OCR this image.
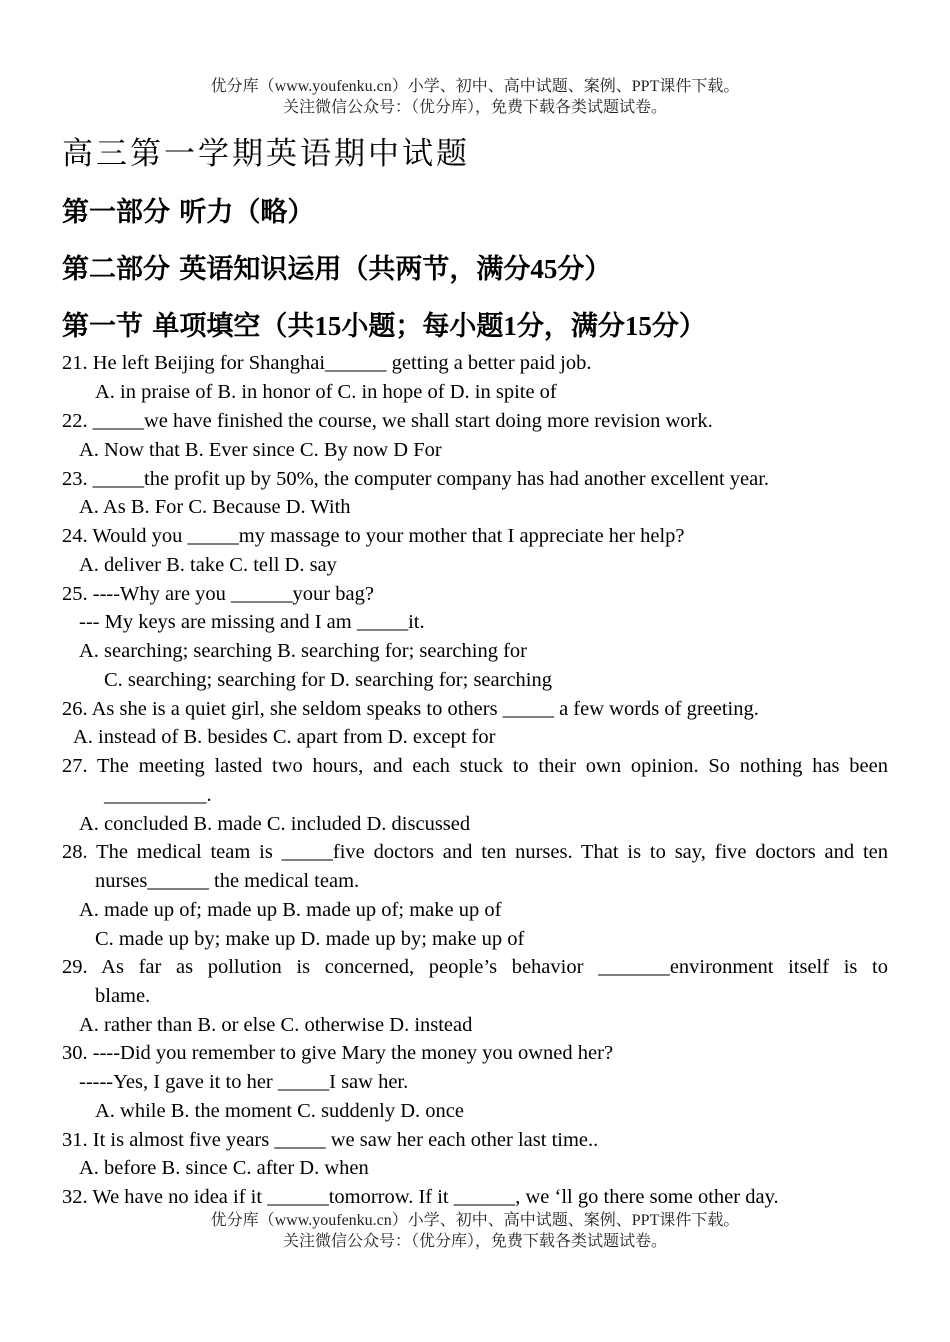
优分库（www.youfenku.cn）小学、初中、高中试题、案例、PPT课件下载。
关注微信公众号：（优分库），免费下载各类试题试卷。
高三第一学期英语期中试题
第一部分 听力（略）
第二部分 英语知识运用（共两节，满分45分）
第一节 单项填空（共15小题；每小题1分，满分15分）
21. He left Beijing for Shanghai______ getting a better paid job.
A. in praise of B. in honor of C. in hope of D. in spite of
22. _____we have finished the course, we shall start doing more revision work.
A. Now that B. Ever since C. By now D For
23. _____the profit up by 50%, the computer company has had another excellent year.
A. As B. For C. Because D. With
24. Would you _____my massage to your mother that I appreciate her help?
A. deliver B. take C. tell D. say
25. ----Why are you ______your bag?
--- My keys are missing and I am _____it.
A. searching; searching B. searching for; searching for
C. searching; searching for D. searching for; searching
26. As she is a quiet girl, she seldom speaks to others _____ a few words of greeting.
A. instead of B. besides C. apart from D. except for
27. The meeting lasted two hours, and each stuck to their own opinion. So nothing has been
__________.
A. concluded B. made C. included D. discussed
28. The medical team is _____five doctors and ten nurses. That is to say, five doctors and ten
nurses______ the medical team.
A. made up of; made up B. made up of; make up of
C. made up by; make up D. made up by; make up of
29. As far as pollution is concerned, people’s behavior _______environment itself is to
blame.
A. rather than B. or else C. otherwise D. instead
30. ----Did you remember to give Mary the money you owned her?
-----Yes, I gave it to her _____I saw her.
A. while B. the moment C. suddenly D. once
31. It is almost five years _____ we saw her each other last time..
A. before B. since C. after D. when
32. We have no idea if it ______tomorrow. If it ______, we ‘ll go there some other day.
优分库（www.youfenku.cn）小学、初中、高中试题、案例、PPT课件下载。
关注微信公众号：（优分库），免费下载各类试题试卷。
